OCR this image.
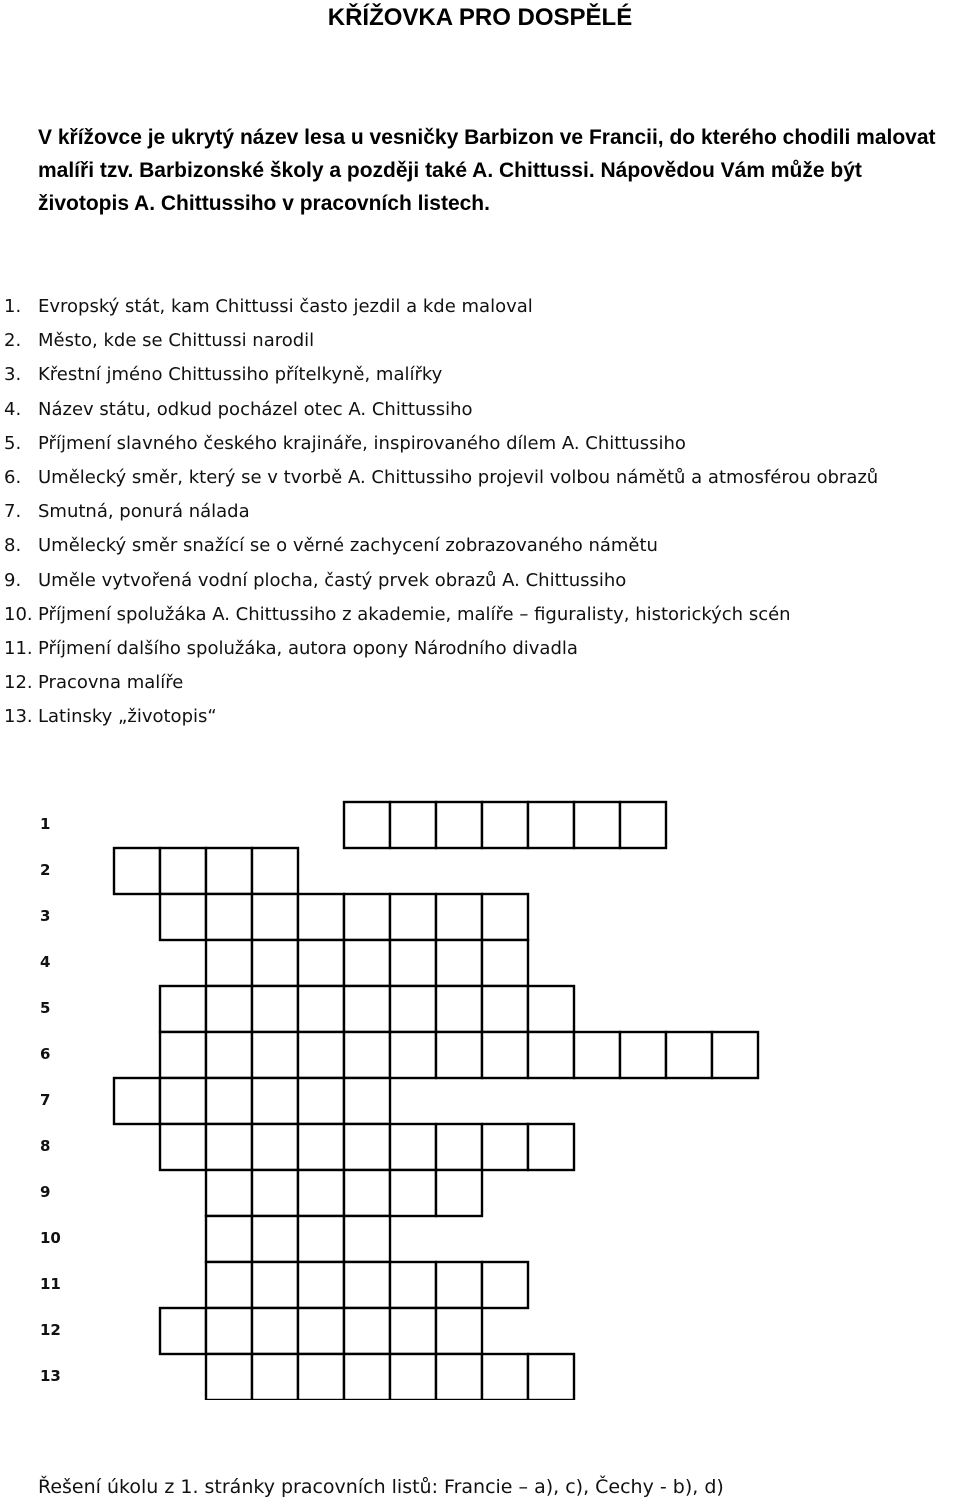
KŘÍŽOVKA PRO DOSPĚLÉ
V křížovce je ukrytý název lesa u vesničky Barbizon ve Francii, do kterého chodili malovat
malíři tzv. Barbizonské školy a později také A. Chittussi. Nápovědou Vám může být
životopis A. Chittussiho v pracovních listech.
1. Evropský stát, kam Chittussi často jezdil a kde maloval
2. Město, kde se Chittussi narodil
3. Křestní jméno Chittussiho přítelkyně, malířky
4. Název státu, odkud pocházel otec A. Chittussiho
5. Příjmení slavného českého krajináře, inspirovaného dílem A. Chittussiho
6. Umělecký směr, který se v tvorbě A. Chittussiho projevil volbou námětů a atmosférou obrazů
7. Smutná, ponurá nálada
8. Umělecký směr snažící se o věrné zachycení zobrazovaného námětu
9. Uměle vytvořená vodní plocha, častý prvek obrazů A. Chittussiho
10. Příjmení spolužáka A. Chittussiho z akademie, malíře – figuralisty, historických scén
11. Příjmení dalšího spolužáka, autora opony Národního divadla
12. Pracovna malíře
13. Latinsky „životopis“
1
2
3
4
5
6
7
8
9
10
11
12
13
Řešení úkolu z 1. stránky pracovních listů: Francie – a), c), Čechy - b), d)
